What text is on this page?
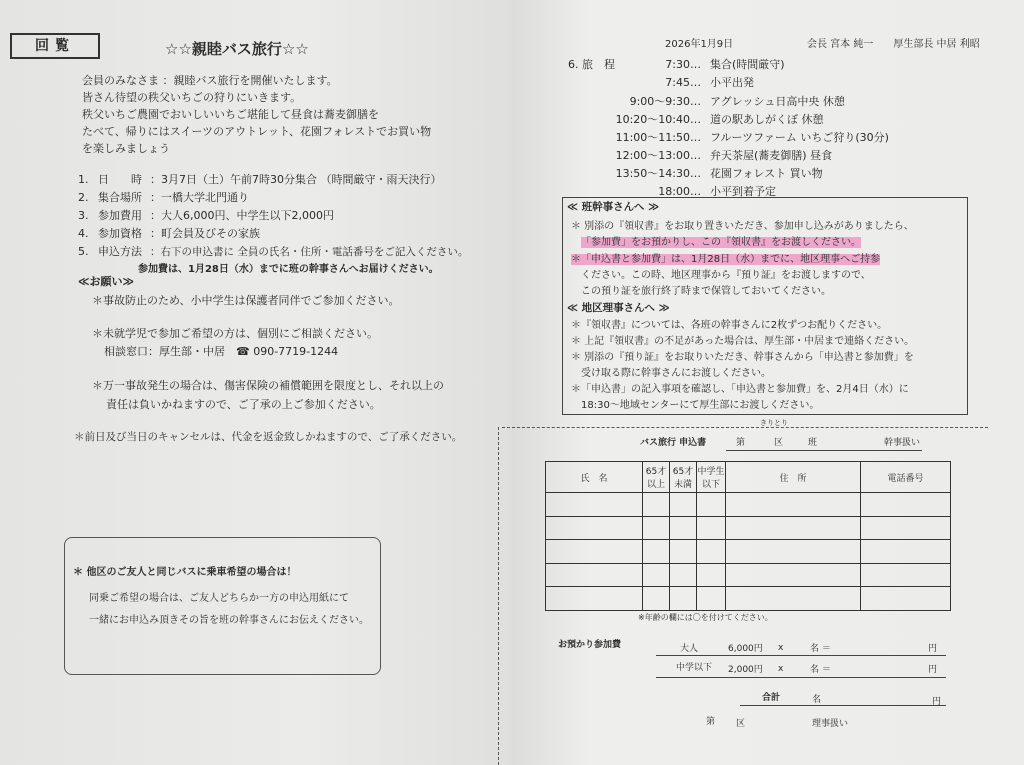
回覧	☆☆親睦バス旅行☆☆
会員のみなさま ：親睦バス旅行を開催いたします。
皆さん待望の秩父いちごの狩りにいきます。
秩父いちご農園でおいしいいちご堪能して昼食は蕎麦御膳を
たべて、帰りにはスイーツのアウトレット、花園フォレストでお買い物
を楽しみましょう
1. 日　　時 ：3月7日（土）午前7時30分集合 （時間厳守・雨天決行）
2. 集合場所 ：一橋大学北門通り
3. 参加費用 ：大人6,000円、中学生以下2,000円
4. 参加資格 ：町会員及びその家族
5. 申込方法 ：右下の申込書に 全員の氏名・住所・電話番号をご記入ください。
参加費は、1月28日（水）までに班の幹事さんへお届けください。
≪お願い≫
＊事故防止のため、小中学生は保護者同伴でご参加ください。
＊未就学児で参加ご希望の方は、個別にご相談ください。
相談窓口：厚生部・中居　☎ 090-7719-1244
＊万一事故発生の場合は、傷害保険の補償範囲を限度とし、それ以上の
責任は負いかねますので、ご了承の上ご参加ください。
＊前日及び当日のキャンセルは、代金を返金致しかねますので、ご了承ください。
＊ 他区のご友人と同じバスに乗車希望の場合は！
同乗ご希望の場合は、ご友人どちらか一方の申込用紙にて
一緒にお申込み頂きその旨を班の幹事さんにお伝えください。
2026年1月9日	会長 宮本 純一　　厚生部長 中居 利昭
6. 旅　程	7:30 … 集合(時間厳守)
7:45 … 小平出発
9:00～9:30 … アグレッシュ日高中央 休憩
10:20～10:40 … 道の駅あしがくぼ 休憩
11:00～11:50 … フルーツファーム いちご狩り(30分)
12:00～13:00 … 弁天茶屋(蕎麦御膳) 昼食
13:50～14:30 … 花園フォレスト 買い物
18:00 … 小平到着予定
≪ 班幹事さんへ ≫
＊ 別添の『領収書』をお取り置きいただき、参加申し込みがありましたら、
「参加費」をお預かりし、この『領収書』をお渡しください。
＊「申込書と参加費」は、1月28日（水）までに、地区理事へご持参
ください。この時、地区理事から『預り証』をお渡しますので、
この預り証を旅行終了時まで保管しておいてください。
≪ 地区理事さんへ ≫
＊『領収書』については、各班の幹事さんに2枚ずつお配りください。
＊ 上記『領収書』の不足があった場合は、厚生部・中居まで連絡ください。
＊ 別添の『預り証』をお取りいただき、幹事さんから「申込書と参加費」を
受け取る際に幹事さんにお渡しください。
＊「申込書」の記入事項を確認し、「申込書と参加費」を、2月4日（水）に
18:30～地域センターにて厚生部にお渡しください。
きりとり
バス旅行 申込書	第	区	班	幹事扱い
氏　名	65才以上	65才未満	中学生以下	住　所	電話番号

※年齢の欄には〇を付けてください。
お預かり参加費	大人	6,000円 x	名 ＝	円
中学以下 2,000円 x	名 ＝	円
合計	名	円
第 区	理事扱い
